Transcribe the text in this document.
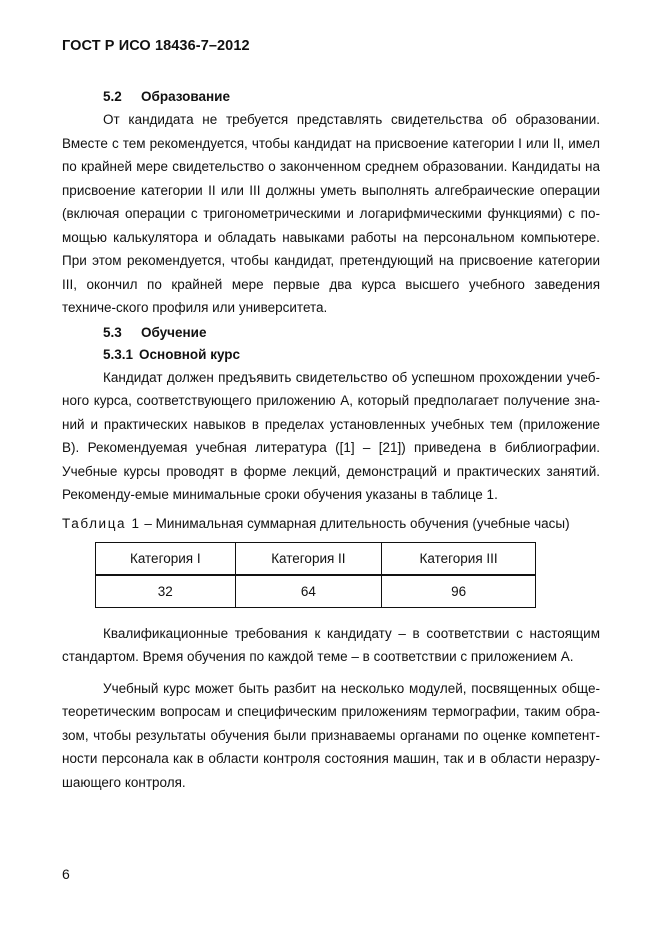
ГОСТ Р ИСО 18436-7–2012
5.2 Образование

От кандидата не требуется представлять свидетельства об образовании. Вместе с тем рекомендуется, чтобы кандидат на присвоение категории I или II, имел по крайней мере свидетельство о законченном среднем образовании. Кандидаты на присвоение категории II или III должны уметь выполнять алгебраические операции (включая операции с тригонометрическими и логарифмическими функциями) с по-мощью калькулятора и обладать навыками работы на персональном компьютере. При этом рекомендуется, чтобы кандидат, претендующий на присвоение категории III, окончил по крайней мере первые два курса высшего учебного заведения техниче-ского профиля или университета.

5.3 Обучение
5.3.1 Основной курс

Кандидат должен предъявить свидетельство об успешном прохождении учеб-ного курса, соответствующего приложению А, который предполагает получение зна-ний и практических навыков в пределах установленных учебных тем (приложение В). Рекомендуемая учебная литература ([1] – [21]) приведена в библиографии. Учебные курсы проводят в форме лекций, демонстраций и практических занятий. Рекоменду-емые минимальные сроки обучения указаны в таблице 1.

Таблица 1 – Минимальная суммарная длительность обучения (учебные часы)
Категория I	Категория II	Категория III
32	64	96

Квалификационные требования к кандидату – в соответствии с настоящим стандартом. Время обучения по каждой теме – в соответствии с приложением А.

Учебный курс может быть разбит на несколько модулей, посвященных обще-теоретическим вопросам и специфическим приложениям термографии, таким обра-зом, чтобы результаты обучения были признаваемы органами по оценке компетент-ности персонала как в области контроля состояния машин, так и в области неразру-шающего контроля.

6
